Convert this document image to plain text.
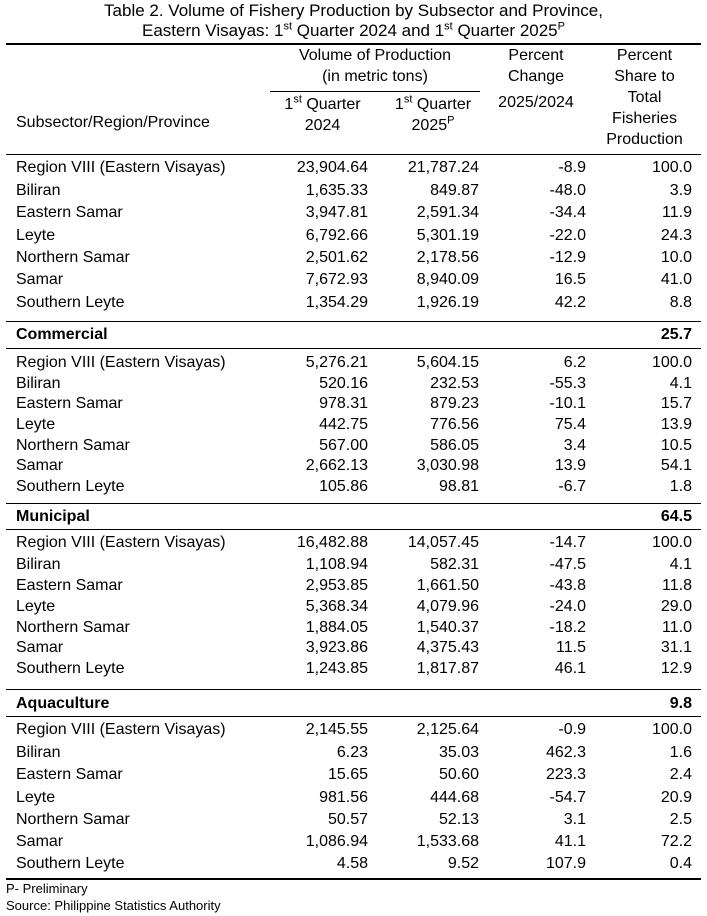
Table 2. Volume of Fishery Production by Subsector and Province,
Eastern Visayas: 1st Quarter 2024 and 1st Quarter $2025^P$
Subsector/Region/Province
Volume of Production
(in metric tons)
1st Quarter
2024
1st Quarter
$2025^P$
Percent
Change
2025/2024
Percent
Share to
Total
Fisheries
Production
Region VIII (Eastern Visayas)	23,904.64 21,787.24	-8.9	100.0
Biliran	1,635.33	849.87	-48.0	3.9
Eastern Samar	3,947.81	2,591.34	-34.4	11.9
Leyte	6,792.66	5,301.19	-22.0	24.3
Northern Samar	2,501.62	2,178.56	-12.9	10.0
Samar	7,672.93	8,940.09	16.5	41.0
Southern Leyte	1,354.29	1,926.19	42.2	8.8
Commercial	25.7
Region VIII (Eastern Visayas)	5,276.21	5,604.15	6.2	100.0
Biliran	520.16	232.53	-55.3	4.1
Eastern Samar	978.31	879.23	-10.1	15.7
Leyte	442.75	776.56	75.4	13.9
Northern Samar	567.00	586.05	3.4	10.5
Samar	2,662.13	3,030.98	13.9	54.1
Southern Leyte	105.86	98.81	-6.7	1.8
Municipal	64.5
Region VIII (Eastern Visayas)	16,482.88 14,057.45	-14.7	100.0
Biliran	1,108.94	582.31	-47.5	4.1
Eastern Samar	2,953.85	1,661.50	-43.8	11.8
Leyte	5,368.34	4,079.96	-24.0	29.0
Northern Samar	1,884.05	1,540.37	-18.2	11.0
Samar	3,923.86	4,375.43	11.5	31.1
Southern Leyte	1,243.85	1,817.87	46.1	12.9
Aquaculture	9.8
Region VIII (Eastern Visayas)	2,145.55	2,125.64	-0.9	100.0
Biliran	6.23	35.03	462.3	1.6
Eastern Samar	15.65	50.60	223.3	2.4
Leyte	981.56	444.68	-54.7	20.9
Northern Samar	50.57	52.13	3.1	2.5
Samar	1,086.94	1,533.68	41.1	72.2
Southern Leyte	4.58	9.52	107.9	0.4
P- Preliminary
Source: Philippine Statistics Authority
